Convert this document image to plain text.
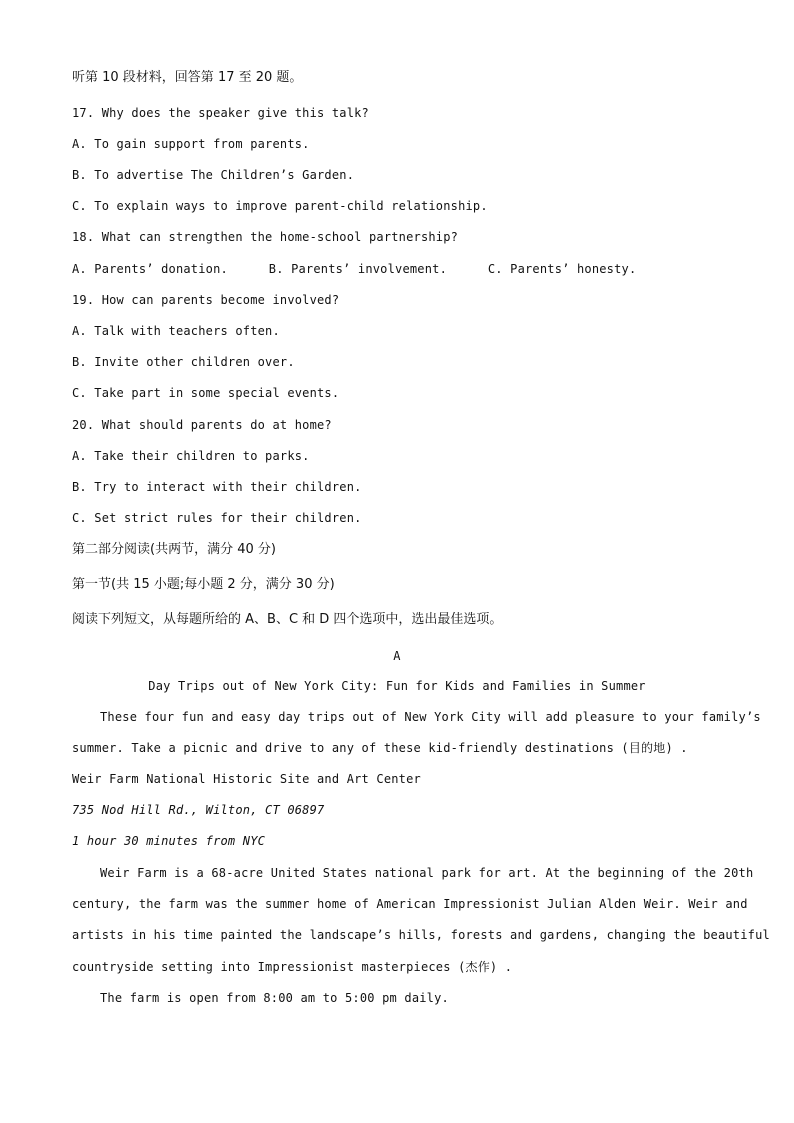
听第 10 段材料，回答第 17 至 20 题。
17. Why does the speaker give this talk?
A. To gain support from parents.
B. To advertise The Children’s Garden.
C. To explain ways to improve parent-child relationship.
18. What can strengthen the home-school partnership?
A. Parents’ donation.	B. Parents’ involvement.	C. Parents’ honesty.
19. How can parents become involved?
A. Talk with teachers often.
B. Invite other children over.
C. Take part in some special events.
20. What should parents do at home?
A. Take their children to parks.
B. Try to interact with their children.
C. Set strict rules for their children.
第二部分阅读(共两节，满分 40 分)
第一节(共 15 小题;每小题 2 分，满分 30 分)
阅读下列短文，从每题所给的 A、B、C 和 D 四个选项中，选出最佳选项。
A
Day Trips out of New York City: Fun for Kids and Families in Summer
These four fun and easy day trips out of New York City will add pleasure to your family’s
summer. Take a picnic and drive to any of these kid-friendly destinations (目的地) .
Weir Farm National Historic Site and Art Center
735 Nod Hill Rd., Wilton, CT 06897
1 hour 30 minutes from NYC
Weir Farm is a 68-acre United States national park for art. At the beginning of the 20th
century, the farm was the summer home of American Impressionist Julian Alden Weir. Weir and
artists in his time painted the landscape’s hills, forests and gardens, changing the beautiful
countryside setting into Impressionist masterpieces (杰作) .
The farm is open from 8:00 am to 5:00 pm daily.
